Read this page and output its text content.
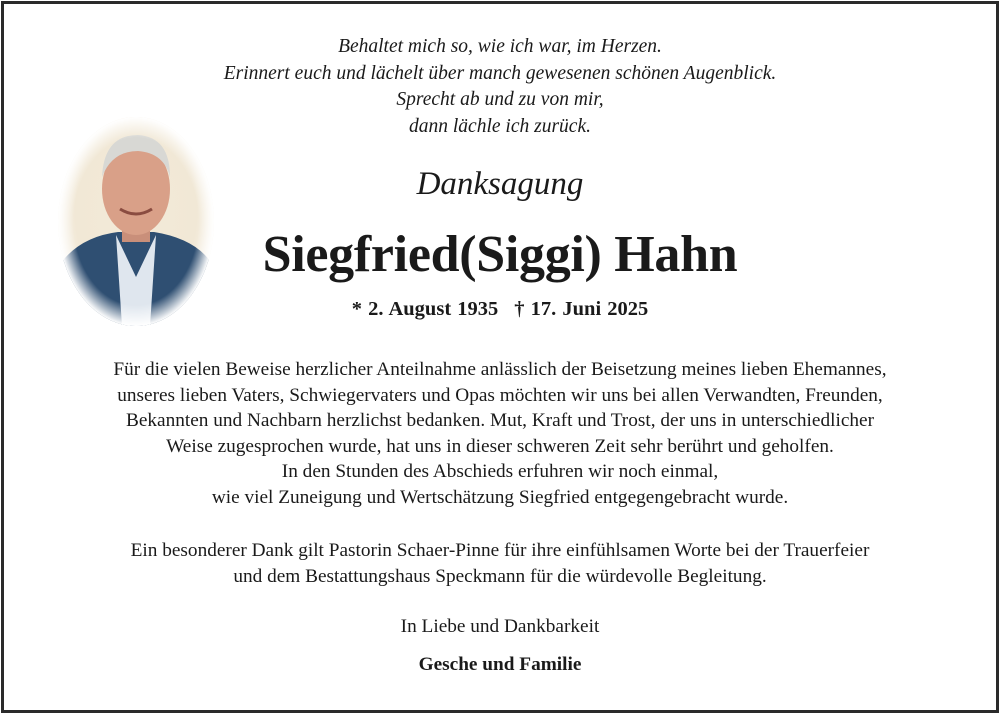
Behaltet mich so, wie ich war, im Herzen.
Erinnert euch und lächelt über manch gewesenen schönen Augenblick.
Sprecht ab und zu von mir,
dann lächle ich zurück.
Danksagung
Siegfried(Siggi) Hahn
* 2. August 1935 † 17. Juni 2025
Für die vielen Beweise herzlicher Anteilnahme anlässlich der Beisetzung meines lieben Ehemannes,
unseres lieben Vaters, Schwiegervaters und Opas möchten wir uns bei allen Verwandten, Freunden,
Bekannten und Nachbarn herzlichst bedanken. Mut, Kraft und Trost, der uns in unterschiedlicher
Weise zugesprochen wurde, hat uns in dieser schweren Zeit sehr berührt und geholfen.
In den Stunden des Abschieds erfuhren wir noch einmal,
wie viel Zuneigung und Wertschätzung Siegfried entgegengebracht wurde.
Ein besonderer Dank gilt Pastorin Schaer-Pinne für ihre einfühlsamen Worte bei der Trauerfeier
und dem Bestattungshaus Speckmann für die würdevolle Begleitung.
In Liebe und Dankbarkeit
Gesche und Familie
